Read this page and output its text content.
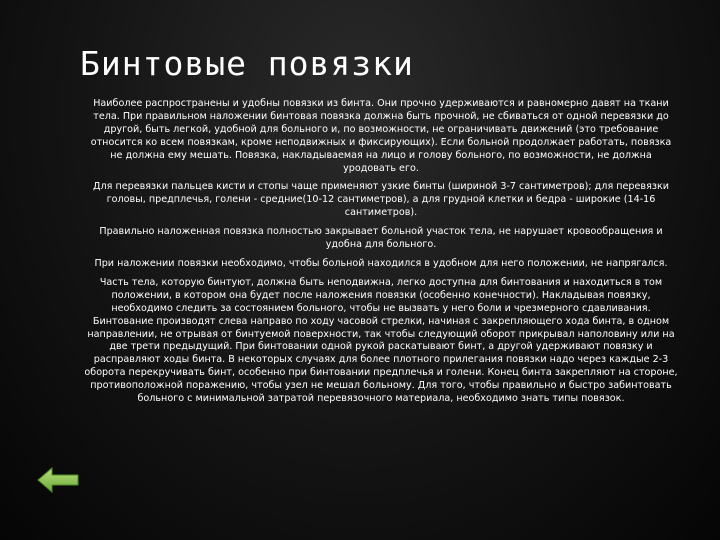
Бинтовые повязки

Наиболее распространены и удобны повязки из бинта. Они прочно удерживаются и равномерно давят на ткани тела. При правильном наложении бинтовая повязка должна быть прочной, не сбиваться от одной перевязки до другой, быть легкой, удобной для больного и, по возможности, не ограничивать движений (это требование относится ко всем повязкам, кроме неподвижных и фиксирующих). Если больной продолжает работать, повязка не должна ему мешать. Повязка, накладываемая на лицо и голову больного, по возможности, не должна уродовать его.

Для перевязки пальцев кисти и стопы чаще применяют узкие бинты (шириной 3-7 сантиметров); для перевязки головы, предплечья, голени - средние(10-12 сантиметров), а для грудной клетки и бедра - широкие (14-16 сантиметров).

Правильно наложенная повязка полностью закрывает больной участок тела, не нарушает кровообращения и удобна для больного.

При наложении повязки необходимо, чтобы больной находился в удобном для него положении, не напрягался.

Часть тела, которую бинтуют, должна быть неподвижна, легко доступна для бинтования и находиться в том положении, в котором она будет после наложения повязки (особенно конечности). Накладывая повязку, необходимо следить за состоянием больного, чтобы не вызвать у него боли и чрезмерного сдавливания. Бинтование производят слева направо по ходу часовой стрелки, начиная с закрепляющего хода бинта, в одном направлении, не отрывая от бинтуемой поверхности, так чтобы следующий оборот прикрывал наполовину или на две трети предыдущий. При бинтовании одной рукой раскатывают бинт, а другой удерживают повязку и расправляют ходы бинта. В некоторых случаях для более плотного прилегания повязки надо через каждые 2-3 оборота перекручивать бинт, особенно при бинтовании предплечья и голени. Конец бинта закрепляют на стороне, противоположной поражению, чтобы узел не мешал больному. Для того, чтобы правильно и быстро забинтовать больного с минимальной затратой перевязочного материала, необходимо знать типы повязок.
